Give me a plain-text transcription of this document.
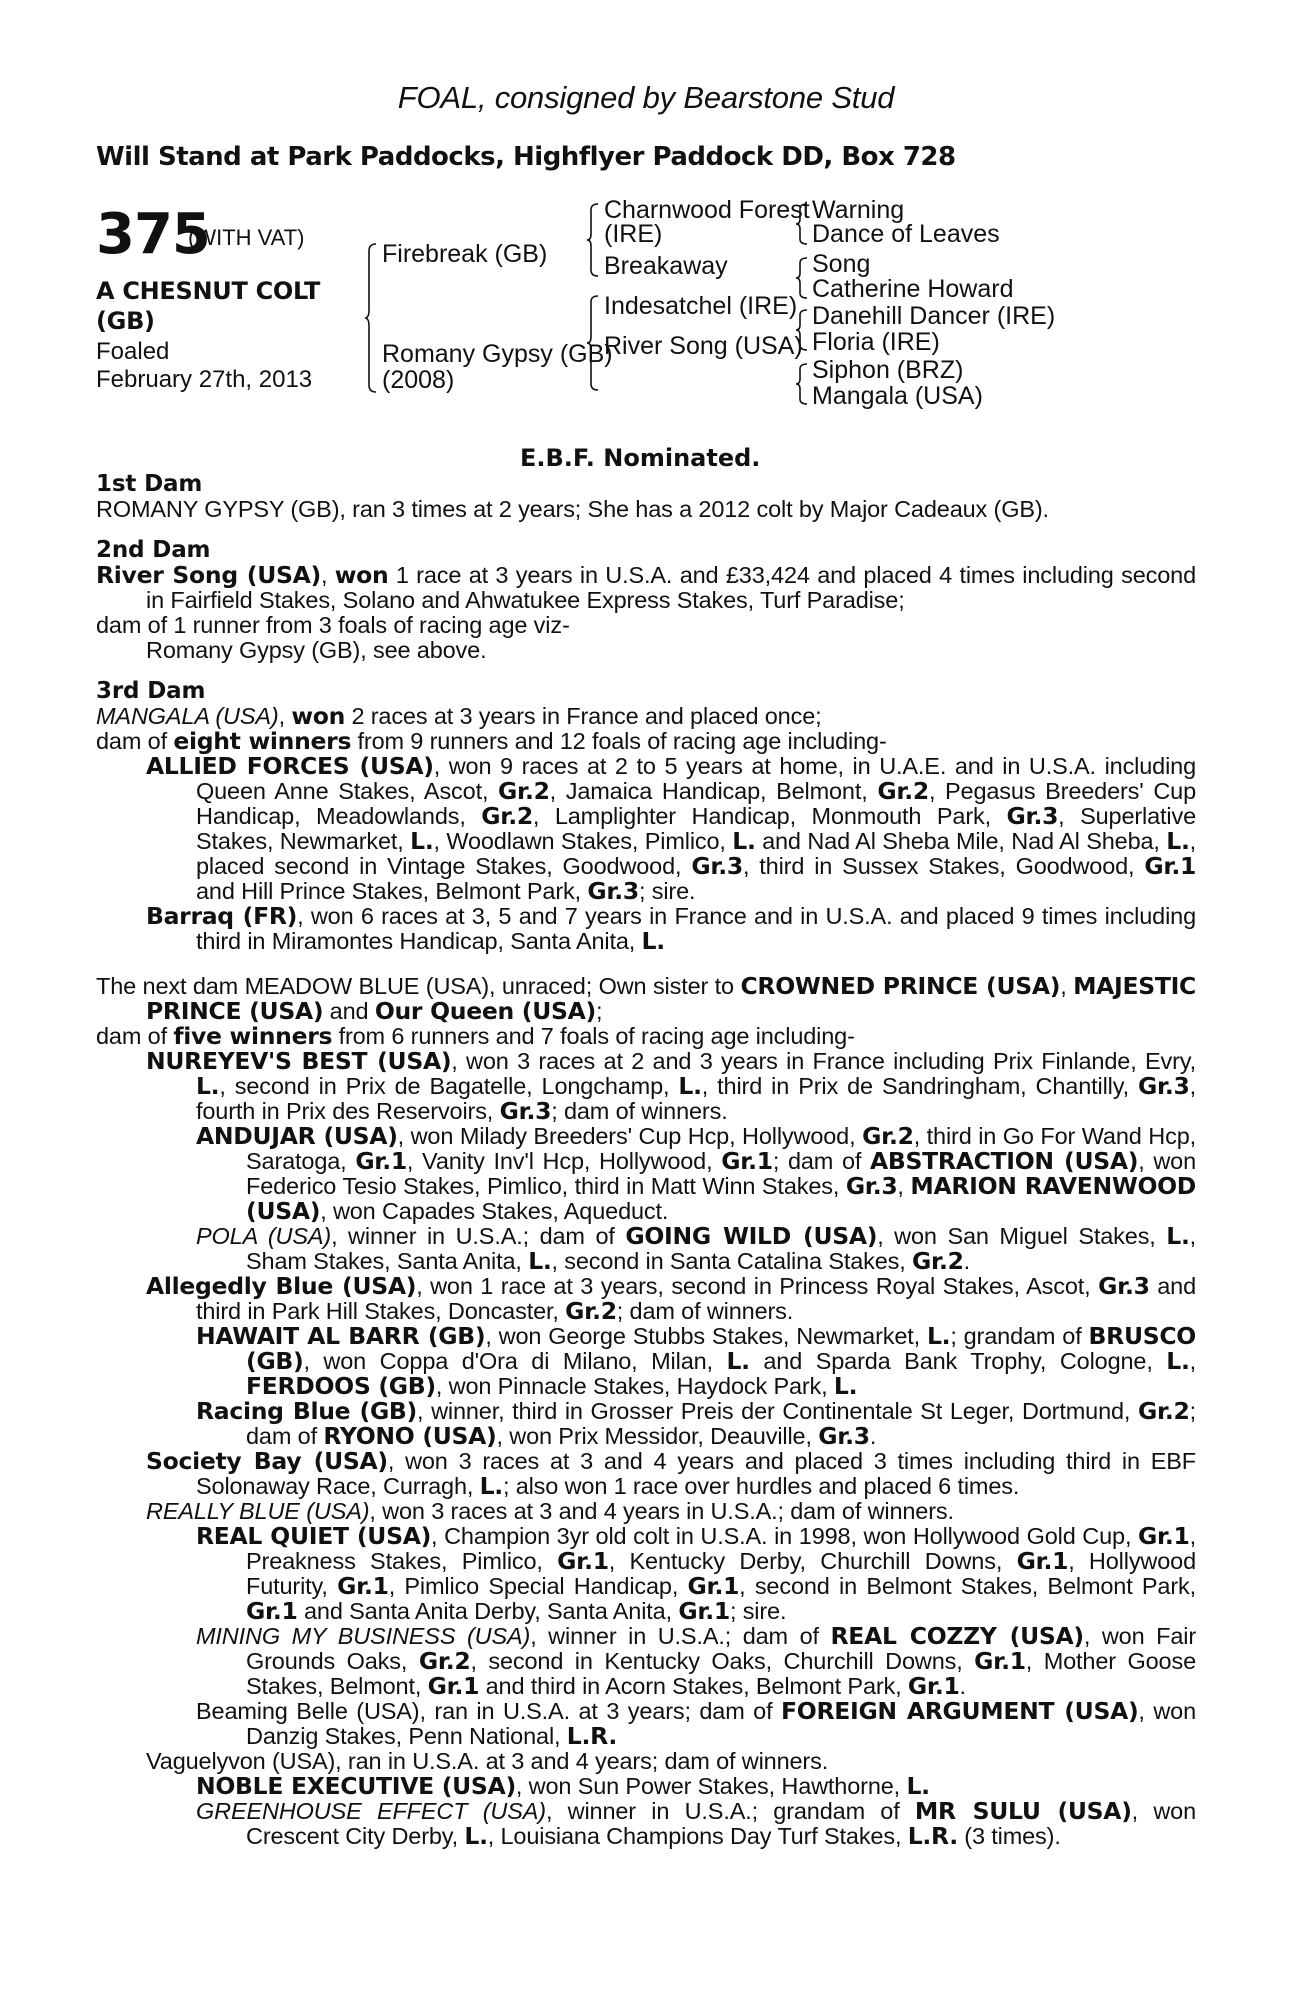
FOAL, consigned by Bearstone Stud
Will Stand at Park Paddocks, Highflyer Paddock DD, Box 728
375
(WITH VAT)
A CHESNUT COLT
(GB)
Foaled
February 27th, 2013
Firebreak (GB)
Romany Gypsy (GB)
(2008)
Charnwood Forest
(IRE)
Breakaway
Indesatchel (IRE)
River Song (USA)
Warning
Dance of Leaves
Song
Catherine Howard
Danehill Dancer (IRE)
Floria (IRE)
Siphon (BRZ)
Mangala (USA)
E.B.F. Nominated.
1st Dam
ROMANY GYPSY (GB), ran 3 times at 2 years; She has a 2012 colt by Major Cadeaux (GB).
2nd Dam
River Song (USA), won 1 race at 3 years in U.S.A. and £33,424 and placed 4 times including second in Fairfield Stakes, Solano and Ahwatukee Express Stakes, Turf Paradise;
dam of 1 runner from 3 foals of racing age viz-
Romany Gypsy (GB), see above.
3rd Dam
MANGALA (USA), won 2 races at 3 years in France and placed once;
dam of eight winners from 9 runners and 12 foals of racing age including-
ALLIED FORCES (USA), won 9 races at 2 to 5 years at home, in U.A.E. and in U.S.A. including Queen Anne Stakes, Ascot, Gr.2, Jamaica Handicap, Belmont, Gr.2, Pegasus Breeders' Cup Handicap, Meadowlands, Gr.2, Lamplighter Handicap, Monmouth Park, Gr.3, Superlative Stakes, Newmarket, L., Woodlawn Stakes, Pimlico, L. and Nad Al Sheba Mile, Nad Al Sheba, L., placed second in Vintage Stakes, Goodwood, Gr.3, third in Sussex Stakes, Goodwood, Gr.1 and Hill Prince Stakes, Belmont Park, Gr.3; sire.
Barraq (FR), won 6 races at 3, 5 and 7 years in France and in U.S.A. and placed 9 times including third in Miramontes Handicap, Santa Anita, L.
The next dam MEADOW BLUE (USA), unraced; Own sister to CROWNED PRINCE (USA), MAJESTIC PRINCE (USA) and Our Queen (USA);
dam of five winners from 6 runners and 7 foals of racing age including-
NUREYEV'S BEST (USA), won 3 races at 2 and 3 years in France including Prix Finlande, Evry, L., second in Prix de Bagatelle, Longchamp, L., third in Prix de Sandringham, Chantilly, Gr.3, fourth in Prix des Reservoirs, Gr.3; dam of winners.
ANDUJAR (USA), won Milady Breeders' Cup Hcp, Hollywood, Gr.2, third in Go For Wand Hcp, Saratoga, Gr.1, Vanity Inv'l Hcp, Hollywood, Gr.1; dam of ABSTRACTION (USA), won Federico Tesio Stakes, Pimlico, third in Matt Winn Stakes, Gr.3, MARION RAVENWOOD (USA), won Capades Stakes, Aqueduct.
POLA (USA), winner in U.S.A.; dam of GOING WILD (USA), won San Miguel Stakes, L., Sham Stakes, Santa Anita, L., second in Santa Catalina Stakes, Gr.2.
Allegedly Blue (USA), won 1 race at 3 years, second in Princess Royal Stakes, Ascot, Gr.3 and third in Park Hill Stakes, Doncaster, Gr.2; dam of winners.
HAWAIT AL BARR (GB), won George Stubbs Stakes, Newmarket, L.; grandam of BRUSCO (GB), won Coppa d'Ora di Milano, Milan, L. and Sparda Bank Trophy, Cologne, L., FERDOOS (GB), won Pinnacle Stakes, Haydock Park, L.
Racing Blue (GB), winner, third in Grosser Preis der Continentale St Leger, Dortmund, Gr.2; dam of RYONO (USA), won Prix Messidor, Deauville, Gr.3.
Society Bay (USA), won 3 races at 3 and 4 years and placed 3 times including third in EBF Solonaway Race, Curragh, L.; also won 1 race over hurdles and placed 6 times.
REALLY BLUE (USA), won 3 races at 3 and 4 years in U.S.A.; dam of winners.
REAL QUIET (USA), Champion 3yr old colt in U.S.A. in 1998, won Hollywood Gold Cup, Gr.1, Preakness Stakes, Pimlico, Gr.1, Kentucky Derby, Churchill Downs, Gr.1, Hollywood Futurity, Gr.1, Pimlico Special Handicap, Gr.1, second in Belmont Stakes, Belmont Park, Gr.1 and Santa Anita Derby, Santa Anita, Gr.1; sire.
MINING MY BUSINESS (USA), winner in U.S.A.; dam of REAL COZZY (USA), won Fair Grounds Oaks, Gr.2, second in Kentucky Oaks, Churchill Downs, Gr.1, Mother Goose Stakes, Belmont, Gr.1 and third in Acorn Stakes, Belmont Park, Gr.1.
Beaming Belle (USA), ran in U.S.A. at 3 years; dam of FOREIGN ARGUMENT (USA), won Danzig Stakes, Penn National, L.R.
Vaguelyvon (USA), ran in U.S.A. at 3 and 4 years; dam of winners.
NOBLE EXECUTIVE (USA), won Sun Power Stakes, Hawthorne, L.
GREENHOUSE EFFECT (USA), winner in U.S.A.; grandam of MR SULU (USA), won Crescent City Derby, L., Louisiana Champions Day Turf Stakes, L.R. (3 times).
